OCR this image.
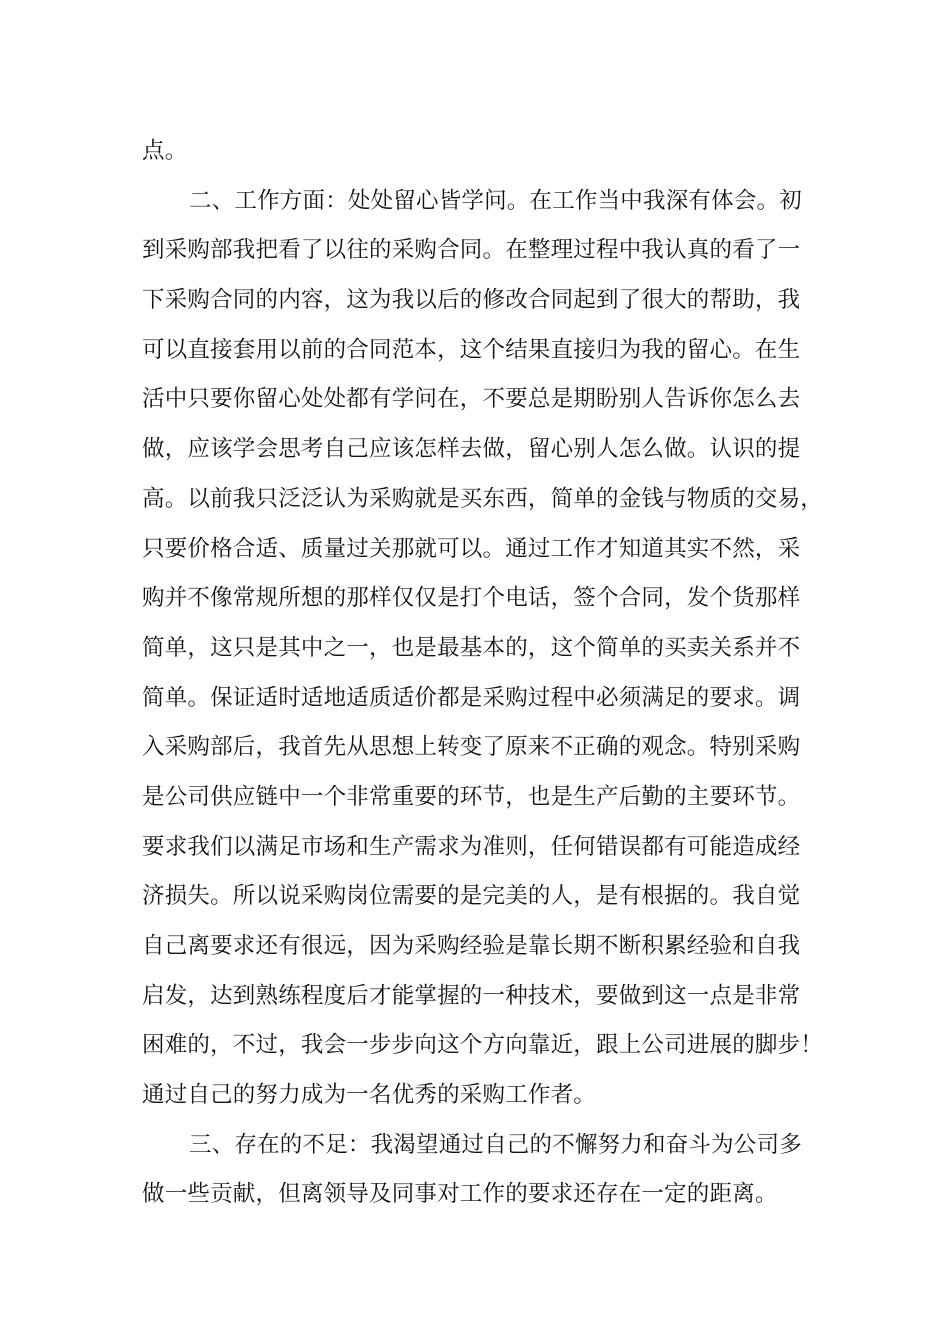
点。
二、工作方面：处处留心皆学问。在工作当中我深有体会。初
到采购部我把看了以往的采购合同。在整理过程中我认真的看了一
下采购合同的内容，这为我以后的修改合同起到了很大的帮助，我
可以直接套用以前的合同范本，这个结果直接归为我的留心。在生
活中只要你留心处处都有学问在，不要总是期盼别人告诉你怎么去
做，应该学会思考自己应该怎样去做，留心别人怎么做。认识的提
高。以前我只泛泛认为采购就是买东西，简单的金钱与物质的交易，
只要价格合适、质量过关那就可以。通过工作才知道其实不然，采
购并不像常规所想的那样仅仅是打个电话，签个合同，发个货那样
简单，这只是其中之一，也是最基本的，这个简单的买卖关系并不
简单。保证适时适地适质适价都是采购过程中必须满足的要求。调
入采购部后，我首先从思想上转变了原来不正确的观念。特别采购
是公司供应链中一个非常重要的环节，也是生产后勤的主要环节。
要求我们以满足市场和生产需求为准则，任何错误都有可能造成经
济损失。所以说采购岗位需要的是完美的人，是有根据的。我自觉
自己离要求还有很远，因为采购经验是靠长期不断积累经验和自我
启发，达到熟练程度后才能掌握的一种技术，要做到这一点是非常
困难的，不过，我会一步步向这个方向靠近，跟上公司进展的脚步！
通过自己的努力成为一名优秀的采购工作者。
三、存在的不足：我渴望通过自己的不懈努力和奋斗为公司多
做一些贡献，但离领导及同事对工作的要求还存在一定的距离。
